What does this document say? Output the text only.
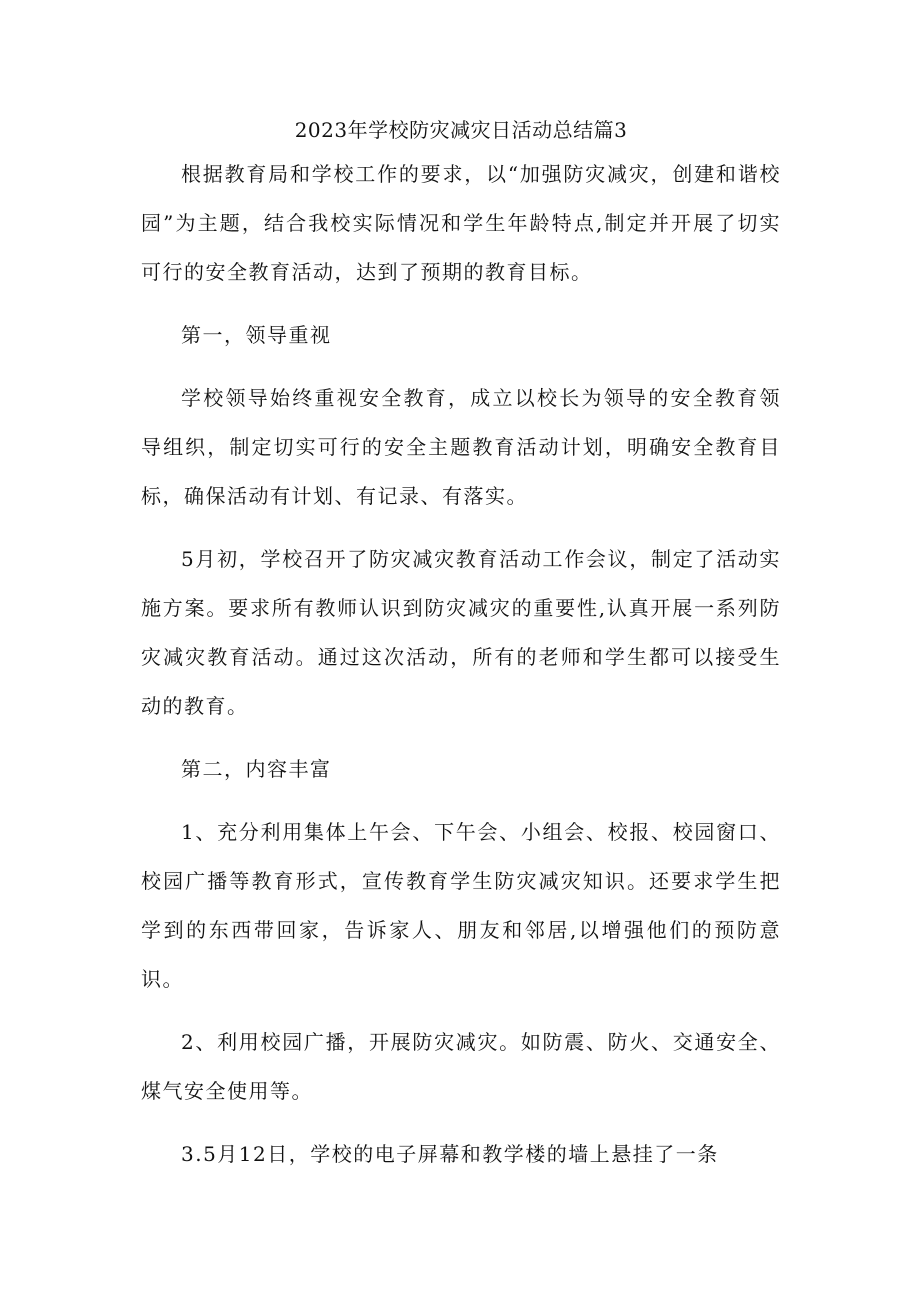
2023年学校防灾减灾日活动总结篇3

根据教育局和学校工作的要求，以“加强防灾减灾，创建和谐校园”为主题，结合我校实际情况和学生年龄特点,制定并开展了切实可行的安全教育活动，达到了预期的教育目标。

第一，领导重视

学校领导始终重视安全教育，成立以校长为领导的安全教育领导组织，制定切实可行的安全主题教育活动计划，明确安全教育目标，确保活动有计划、有记录、有落实。

5月初，学校召开了防灾减灾教育活动工作会议，制定了活动实施方案。要求所有教师认识到防灾减灾的重要性,认真开展一系列防灾减灾教育活动。通过这次活动，所有的老师和学生都可以接受生动的教育。

第二，内容丰富

1、充分利用集体上午会、下午会、小组会、校报、校园窗口、校园广播等教育形式，宣传教育学生防灾减灾知识。还要求学生把学到的东西带回家，告诉家人、朋友和邻居,以增强他们的预防意识。

2、利用校园广播，开展防灾减灾。如防震、防火、交通安全、煤气安全使用等。

3.5月12日，学校的电子屏幕和教学楼的墙上悬挂了一条
